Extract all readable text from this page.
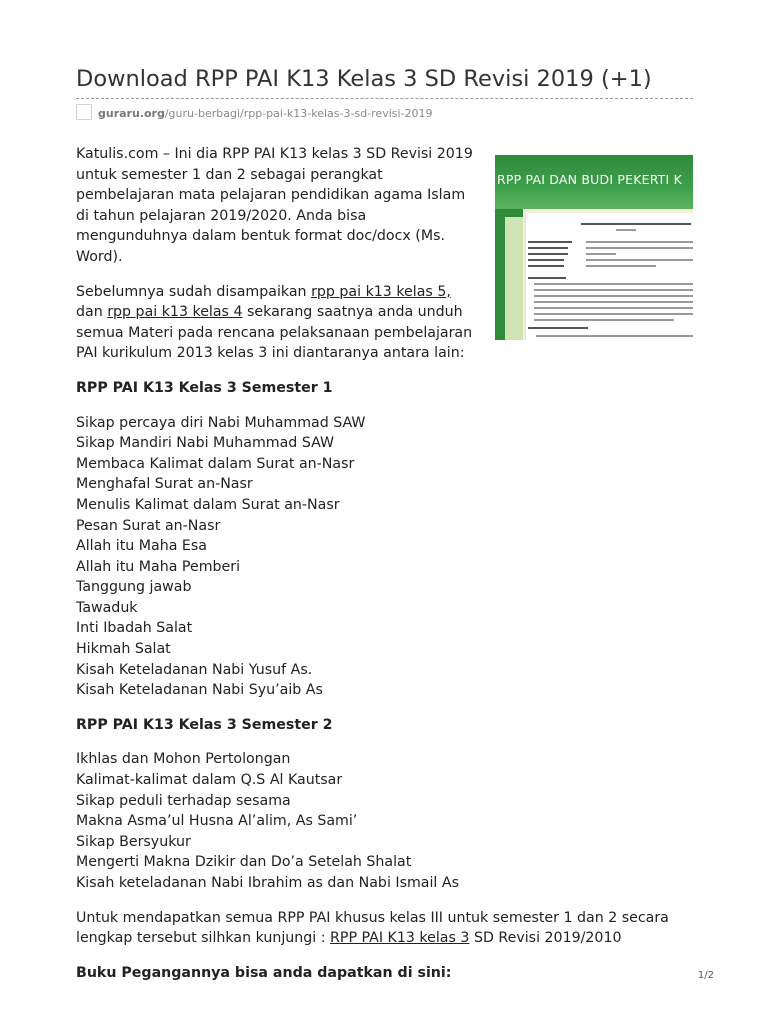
Download RPP PAI K13 Kelas 3 SD Revisi 2019 (+1)
guraru.org/guru-berbagi/rpp-pai-k13-kelas-3-sd-revisi-2019
RPP PAI DAN BUDI PEKERTI K

Katulis.com – Ini dia RPP PAI K13 kelas 3 SD Revisi 2019 untuk semester 1 dan 2 sebagai perangkat pembelajaran mata pelajaran pendidikan agama Islam di tahun pelajaran 2019/2020. Anda bisa mengunduhnya dalam bentuk format doc/docx (Ms. Word).

Sebelumnya sudah disampaikan rpp pai k13 kelas 5, dan rpp pai k13 kelas 4 sekarang saatnya anda unduh semua Materi pada rencana pelaksanaan pembelajaran PAI kurikulum 2013 kelas 3 ini diantaranya antara lain:

RPP PAI K13 Kelas 3 Semester 1

Sikap percaya diri Nabi Muhammad SAW
Sikap Mandiri Nabi Muhammad SAW
Membaca Kalimat dalam Surat an-Nasr
Menghafal Surat an-Nasr
Menulis Kalimat dalam Surat an-Nasr
Pesan Surat an-Nasr
Allah itu Maha Esa
Allah itu Maha Pemberi
Tanggung jawab
Tawaduk
Inti Ibadah Salat
Hikmah Salat
Kisah Keteladanan Nabi Yusuf As.
Kisah Keteladanan Nabi Syu’aib As

RPP PAI K13 Kelas 3 Semester 2

Ikhlas dan Mohon Pertolongan
Kalimat-kalimat dalam Q.S Al Kautsar
Sikap peduli terhadap sesama
Makna Asma’ul Husna Al’alim, As Sami’
Sikap Bersyukur
Mengerti Makna Dzikir dan Do’a Setelah Shalat
Kisah keteladanan Nabi Ibrahim as dan Nabi Ismail As

Untuk mendapatkan semua RPP PAI khusus kelas III untuk semester 1 dan 2 secara lengkap tersebut silhkan kunjungi : RPP PAI K13 kelas 3 SD Revisi 2019/2010

Buku Pegangannya bisa anda dapatkan di sini:	1/2
